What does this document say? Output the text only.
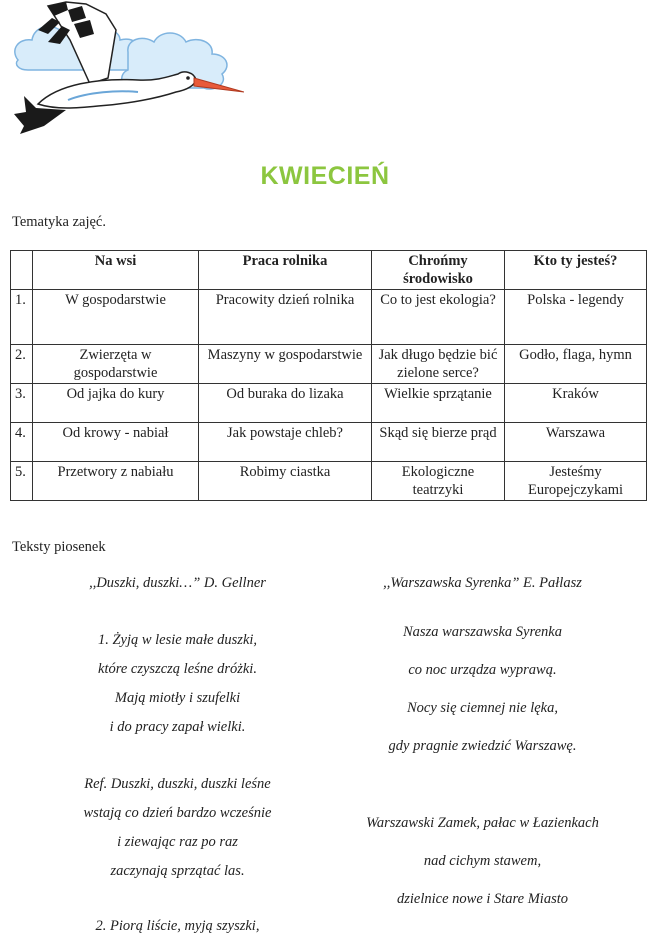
KWIECIEŃ
Tematyka zajęć.
	Na wsi	Praca rolnika	Chrońmy środowisko	Kto ty jesteś?
1.	W gospodarstwie	Pracowity dzień rolnika	Co to jest ekologia?	Polska - legendy
2.	Zwierzęta w gospodarstwie	Maszyny w gospodarstwie	Jak długo będzie bić zielone serce?	Godło, flaga, hymn
3.	Od jajka do kury	Od buraka do lizaka	Wielkie sprzątanie	Kraków
4.	Od krowy - nabiał	Jak powstaje chleb?	Skąd się bierze prąd	Warszawa
5.	Przetwory z nabiału	Robimy ciastka	Ekologiczne teatrzyki	Jesteśmy Europejczykami
Teksty piosenek
,,Duszki, duszki…” D. Gellner
1. Żyją w lesie małe duszki,
które czyszczą leśne dróżki.
Mają miotły i szufelki
i do pracy zapał wielki.
Ref. Duszki, duszki, duszki leśne
wstają co dzień bardzo wcześnie
i ziewając raz po raz
zaczynają sprzątać las.
2. Piorą liście, myją szyszki,
,,Warszawska Syrenka” E. Pałlasz
Nasza warszawska Syrenka
co noc urządza wyprawą.
Nocy się ciemnej nie lęka,
gdy pragnie zwiedzić Warszawę.
Warszawski Zamek, pałac w Łazienkach
nad cichym stawem,
dzielnice nowe i Stare Miasto
